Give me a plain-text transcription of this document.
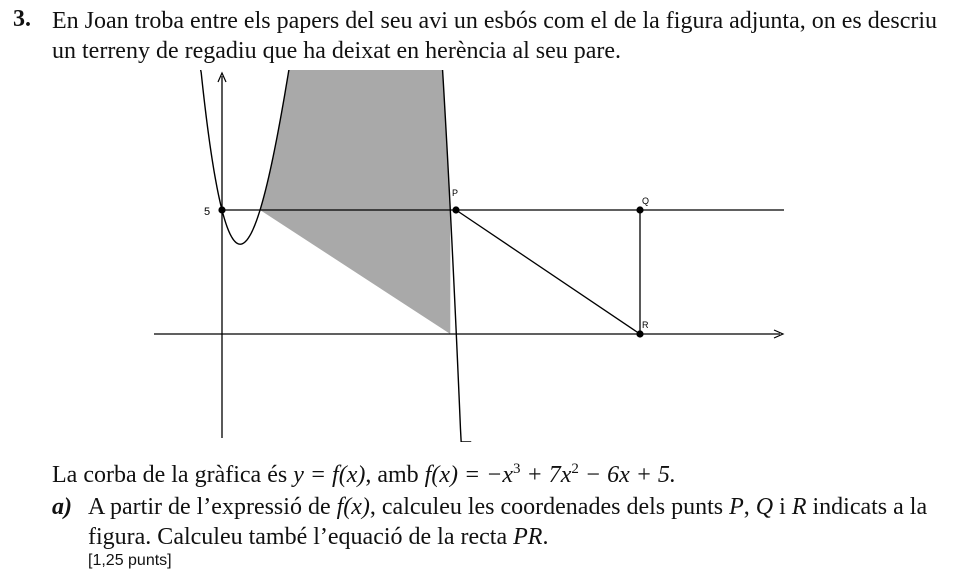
3. En Joan troba entre els papers del seu avi un esbós com el de la figura adjunta, on es descriu un terreny de regadiu que ha deixat en herència al seu pare.
5
P
Q
R
La corba de la gràfica és y = f(x), amb $f(x) = -x^3 + 7x^2 - 6x + 5$.
a) A partir de l’expressió de f(x), calculeu les coordenades dels punts P, Q i R indicats a la figura. Calculeu també l’equació de la recta PR.
[1,25 punts]
